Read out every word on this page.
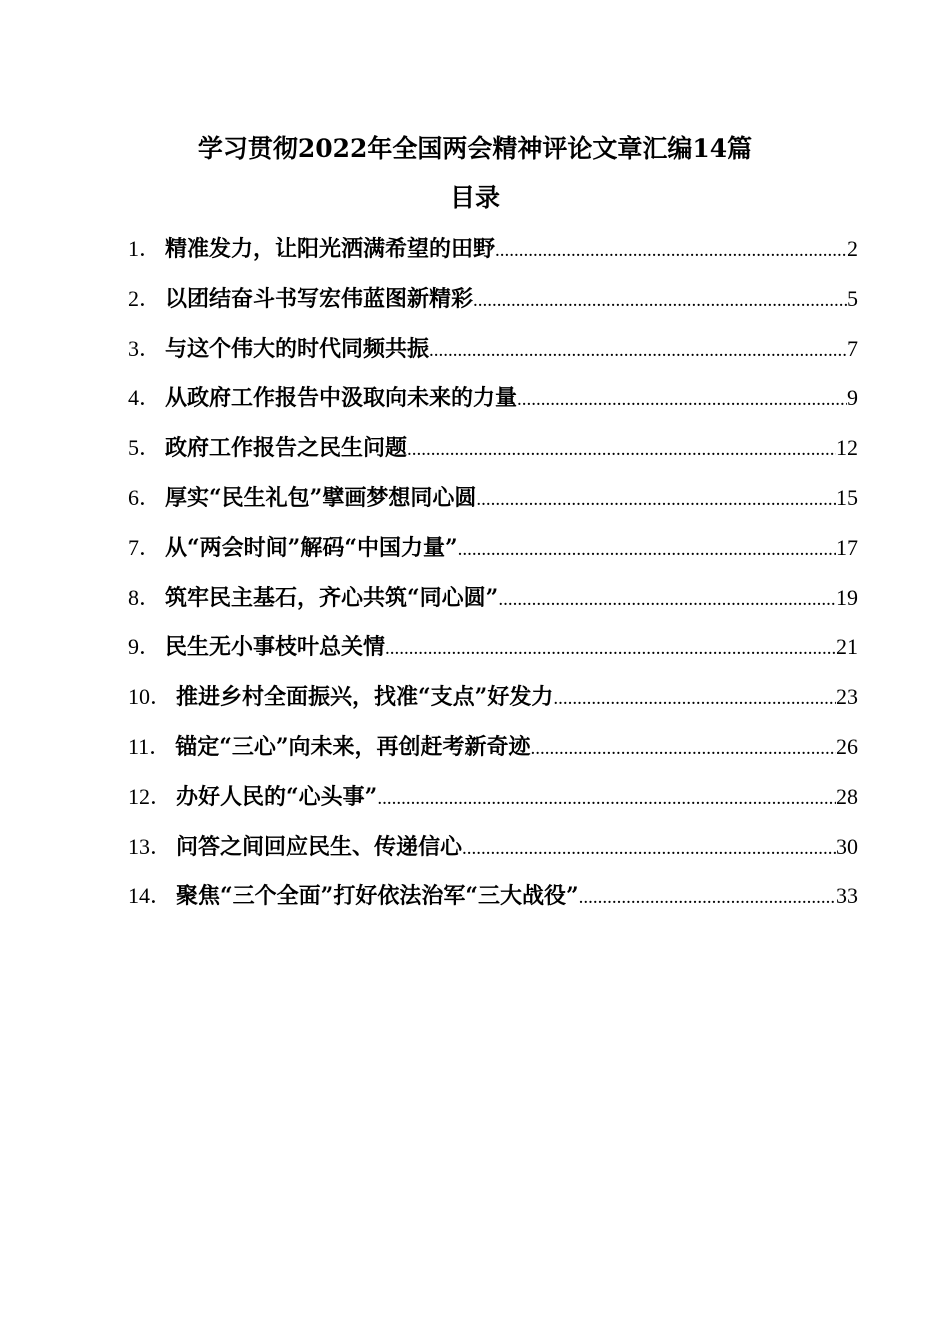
学习贯彻2022年全国两会精神评论文章汇编14篇
目录
1． 精准发力，让阳光洒满希望的田野 .....	2
2． 以团结奋斗书写宏伟蓝图新精彩 .....	5
3． 与这个伟大的时代同频共振 .....	7
4． 从政府工作报告中汲取向未来的力量 .....	9
5． 政府工作报告之民生问题 .....	12
6． 厚实“民生礼包”擘画梦想同心圆 .....	15
7． 从“两会时间”解码“中国力量” .....	17
8． 筑牢民主基石，齐心共筑“同心圆” .....	19
9． 民生无小事枝叶总关情 .....	21
10． 推进乡村全面振兴，找准“支点”好发力 .....	23
11． 锚定“三心”向未来，再创赶考新奇迹 .....	26
12． 办好人民的“心头事” .....	28
13． 问答之间回应民生、传递信心 .....	30
14． 聚焦“三个全面”打好依法治军“三大战役” .....	33
